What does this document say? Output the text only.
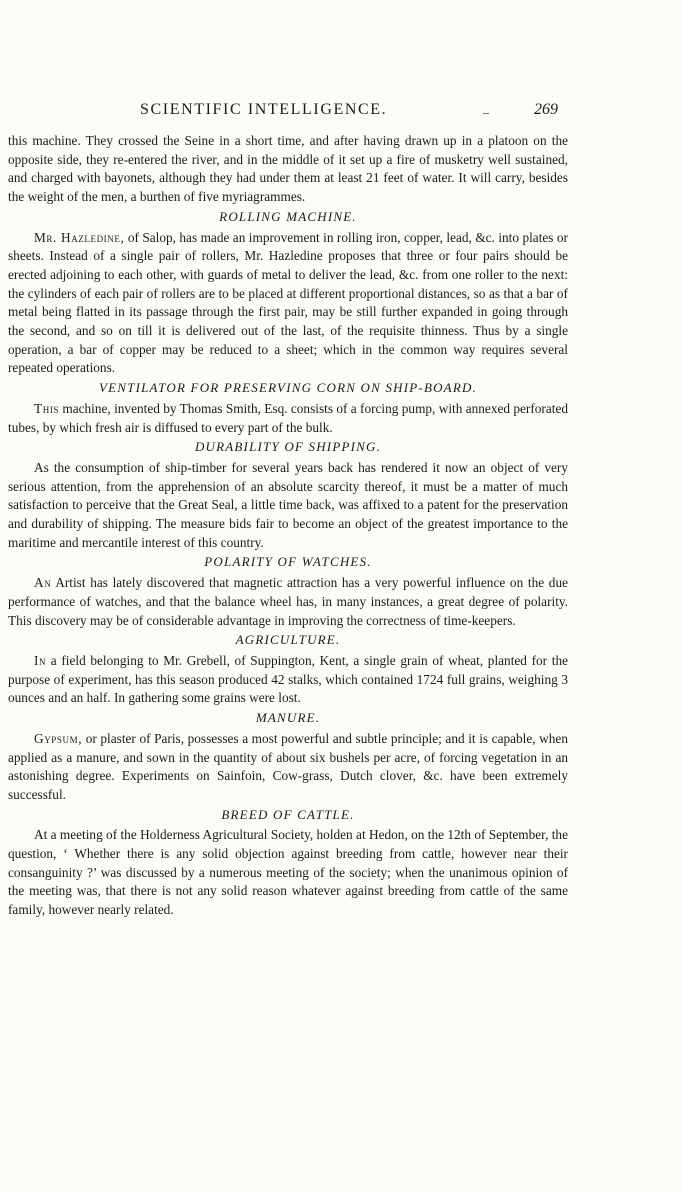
SCIENTIFIC INTELLIGENCE.	‒	269

this machine. They crossed the Seine in a short time, and after having drawn up in a platoon on the opposite side, they re-entered the river, and in the middle of it set up a fire of musketry well sustained, and charged with bayonets, although they had under them at least 21 feet of water. It will carry, besides the weight of the men, a burthen of five myriagrammes.

ROLLING MACHINE.

Mr. Hazledine, of Salop, has made an improvement in rolling iron, copper, lead, &c. into plates or sheets. Instead of a single pair of rollers, Mr. Hazledine proposes that three or four pairs should be erected adjoining to each other, with guards of metal to deliver the lead, &c. from one roller to the next: the cylinders of each pair of rollers are to be placed at different proportional distances, so as that a bar of metal being flatted in its passage through the first pair, may be still further expanded in going through the second, and so on till it is delivered out of the last, of the requisite thinness. Thus by a single operation, a bar of copper may be reduced to a sheet; which in the common way requires several repeated operations.

VENTILATOR FOR PRESERVING CORN ON SHIP-BOARD.

This machine, invented by Thomas Smith, Esq. consists of a forcing pump, with annexed perforated tubes, by which fresh air is diffused to every part of the bulk.

DURABILITY OF SHIPPING.

As the consumption of ship-timber for several years back has rendered it now an object of very serious attention, from the apprehension of an absolute scarcity thereof, it must be a matter of much satisfaction to perceive that the Great Seal, a little time back, was affixed to a patent for the preservation and durability of shipping. The measure bids fair to become an object of the greatest importance to the maritime and mercantile interest of this country.

POLARITY OF WATCHES.

An Artist has lately discovered that magnetic attraction has a very powerful influence on the due performance of watches, and that the balance wheel has, in many instances, a great degree of polarity. This discovery may be of considerable advantage in improving the correctness of time-keepers.

AGRICULTURE.

In a field belonging to Mr. Grebell, of Suppington, Kent, a single grain of wheat, planted for the purpose of experiment, has this season produced 42 stalks, which contained 1724 full grains, weighing 3 ounces and an half. In gathering some grains were lost.

MANURE.

Gypsum, or plaster of Paris, possesses a most powerful and subtle principle; and it is capable, when applied as a manure, and sown in the quantity of about six bushels per acre, of forcing vegetation in an astonishing degree. Experiments on Sainfoin, Cow-grass, Dutch clover, &c. have been extremely successful.

BREED OF CATTLE.

At a meeting of the Holderness Agricultural Society, holden at Hedon, on the 12th of September, the question, ‘ Whether there is any solid objection against breeding from cattle, however near their consanguinity ?’ was discussed by a numerous meeting of the society; when the unanimous opinion of the meeting was, that there is not any solid reason whatever against breeding from cattle of the same family, however nearly related.
